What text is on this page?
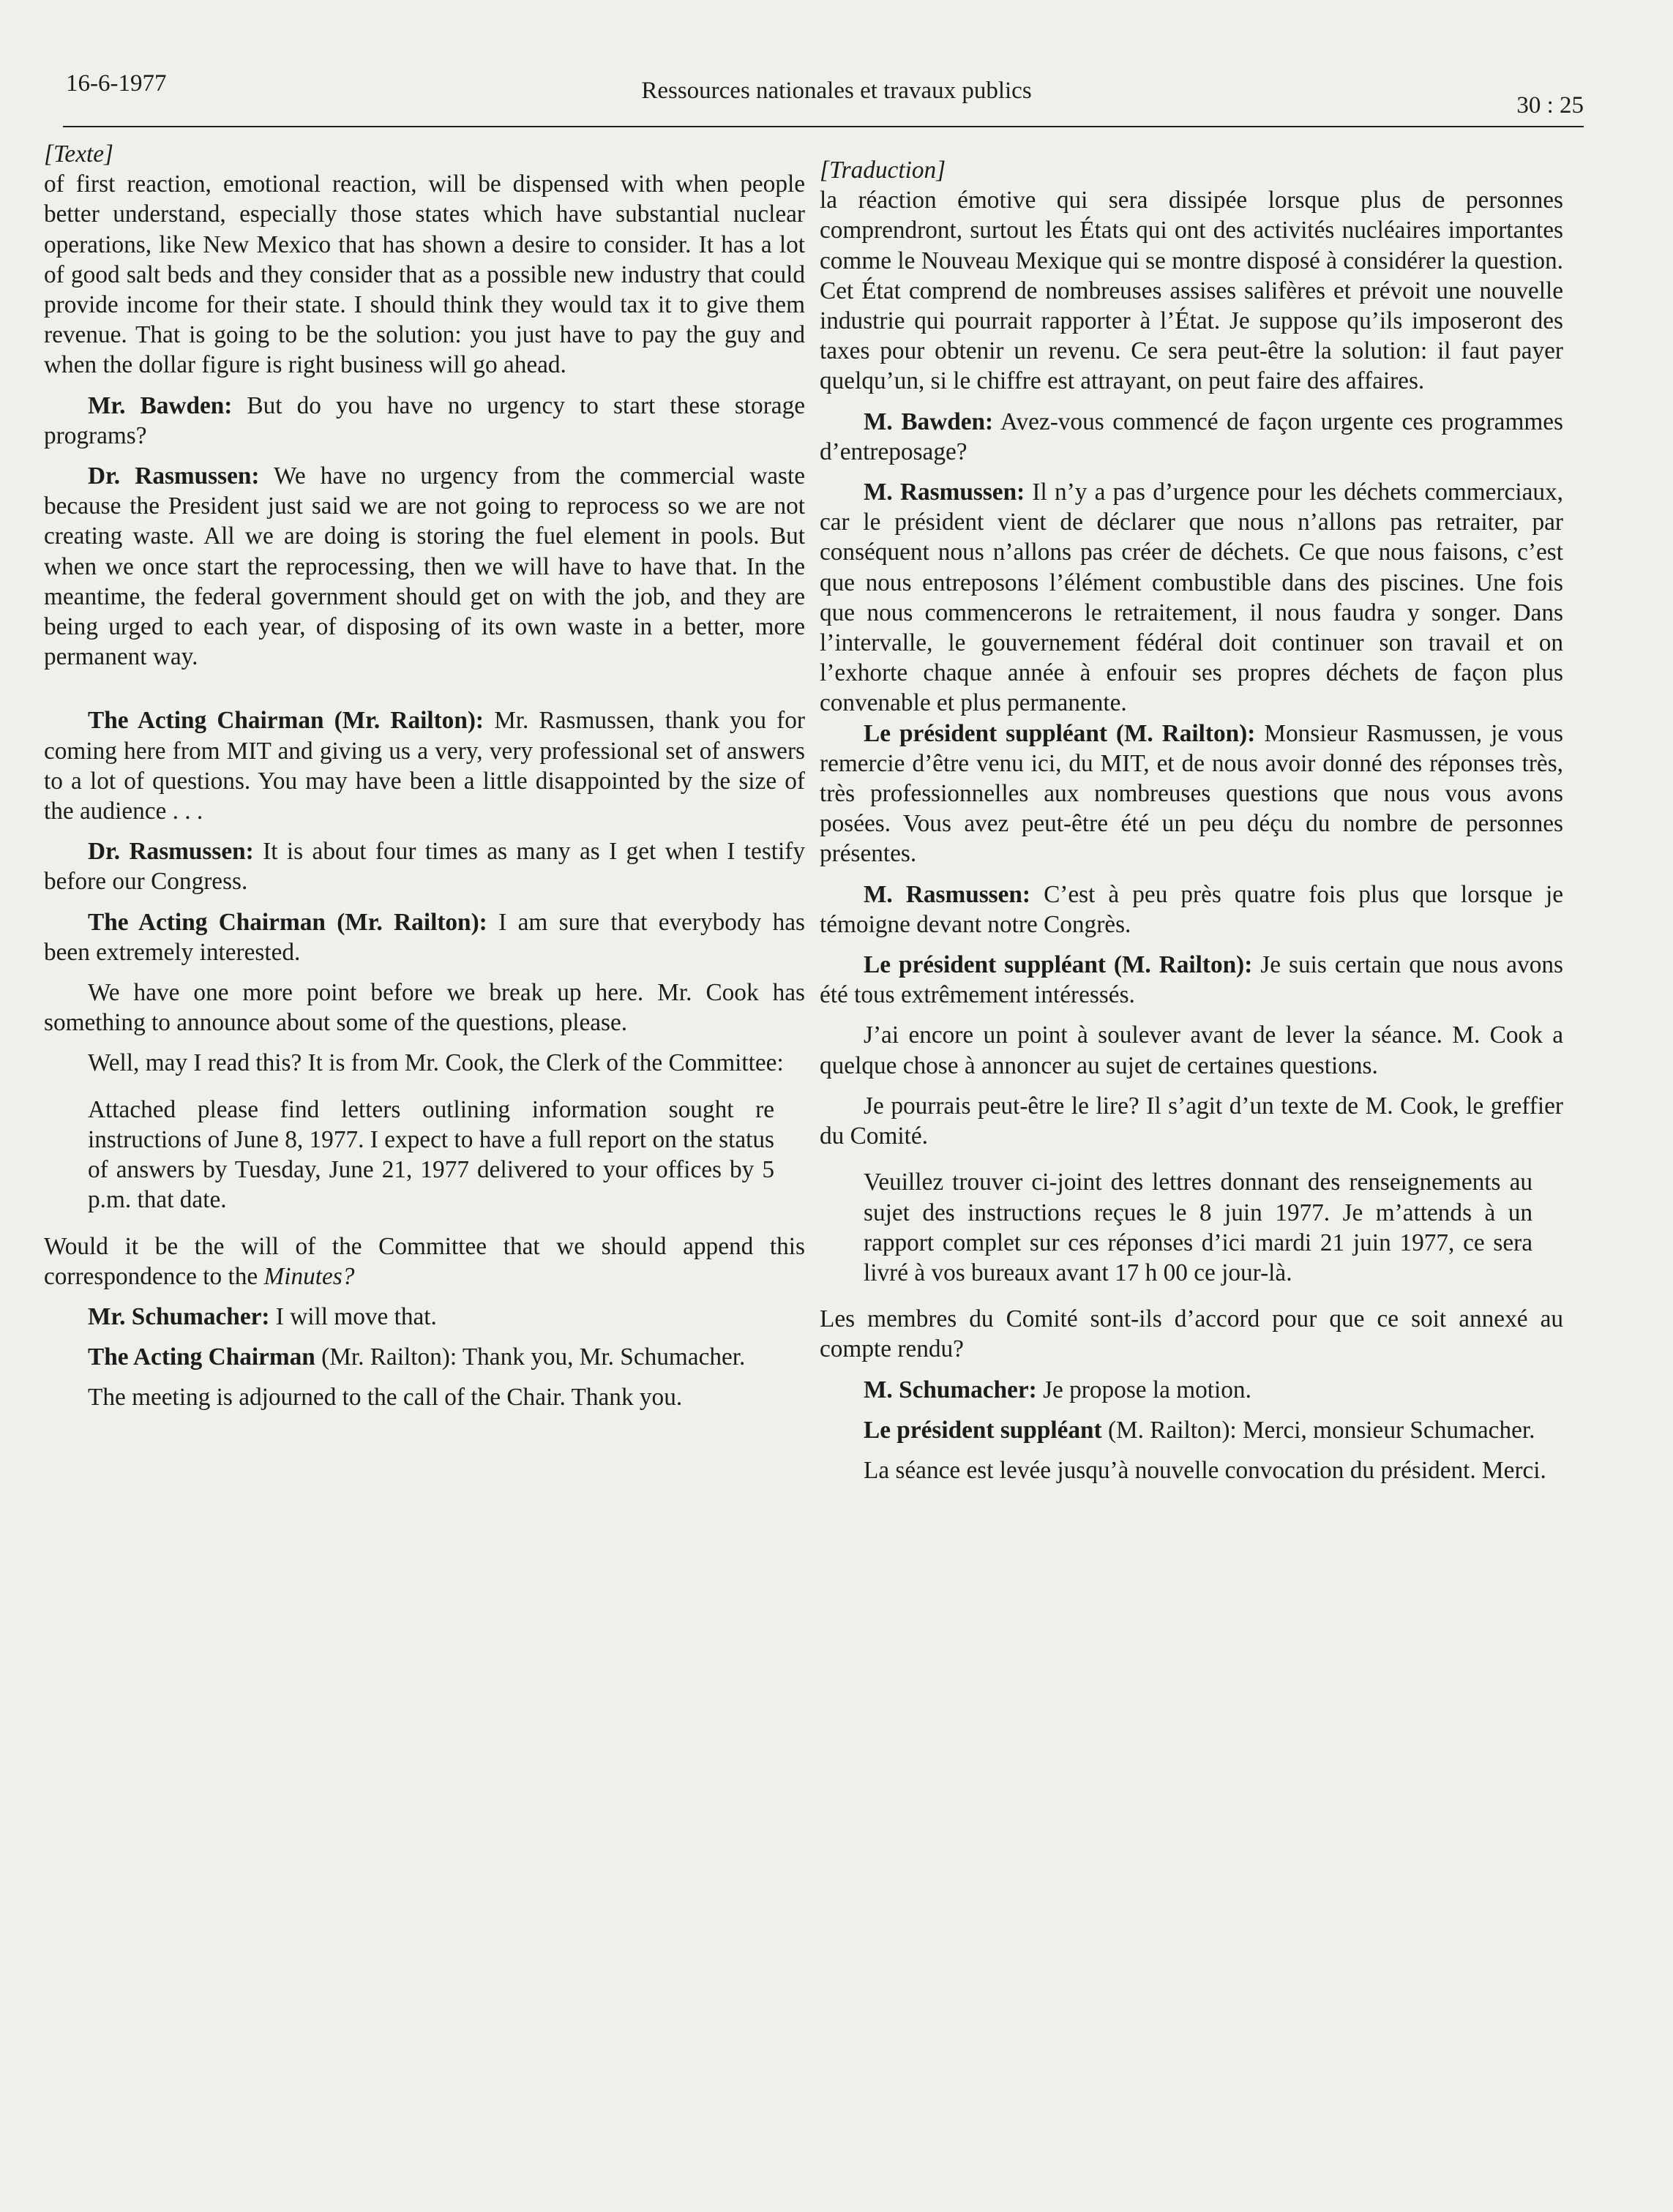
16-6-1977	Ressources nationales et travaux publics
30 : 25

[Texte]

of first reaction, emotional reaction, will be dispensed with when people better understand, especially those states which have substantial nuclear operations, like New Mexico that has shown a desire to consider. It has a lot of good salt beds and they consider that as a possible new industry that could provide income for their state. I should think they would tax it to give them revenue. That is going to be the solution: you just have to pay the guy and when the dollar figure is right business will go ahead.

Mr. Bawden: But do you have no urgency to start these storage programs?

Dr. Rasmussen: We have no urgency from the commercial waste because the President just said we are not going to reprocess so we are not creating waste. All we are doing is storing the fuel element in pools. But when we once start the reprocessing, then we will have to have that. In the meantime, the federal government should get on with the job, and they are being urged to each year, of disposing of its own waste in a better, more permanent way.

The Acting Chairman (Mr. Railton): Mr. Rasmussen, thank you for coming here from MIT and giving us a very, very professional set of answers to a lot of questions. You may have been a little disappointed by the size of the audience . . .

Dr. Rasmussen: It is about four times as many as I get when I testify before our Congress.

The Acting Chairman (Mr. Railton): I am sure that everybody has been extremely interested.

We have one more point before we break up here. Mr. Cook has something to announce about some of the questions, please.

Well, may I read this? It is from Mr. Cook, the Clerk of the Committee:

Attached please find letters outlining information sought re instructions of June 8, 1977. I expect to have a full report on the status of answers by Tuesday, June 21, 1977 delivered to your offices by 5 p.m. that date.

Would it be the will of the Committee that we should append this correspondence to the Minutes?

Mr. Schumacher: I will move that.

The Acting Chairman (Mr. Railton): Thank you, Mr. Schumacher.

The meeting is adjourned to the call of the Chair. Thank you.

[Traduction]

la réaction émotive qui sera dissipée lorsque plus de personnes comprendront, surtout les États qui ont des activités nucléaires importantes comme le Nouveau Mexique qui se montre disposé à considérer la question. Cet État comprend de nombreuses assises salifères et prévoit une nouvelle industrie qui pourrait rapporter à l’État. Je suppose qu’ils imposeront des taxes pour obtenir un revenu. Ce sera peut-être la solution: il faut payer quelqu’un, si le chiffre est attrayant, on peut faire des affaires.

M. Bawden: Avez-vous commencé de façon urgente ces programmes d’entreposage?

M. Rasmussen: Il n’y a pas d’urgence pour les déchets commerciaux, car le président vient de déclarer que nous n’allons pas retraiter, par conséquent nous n’allons pas créer de déchets. Ce que nous faisons, c’est que nous entreposons l’élément combustible dans des piscines. Une fois que nous commencerons le retraitement, il nous faudra y songer. Dans l’intervalle, le gouvernement fédéral doit continuer son travail et on l’exhorte chaque année à enfouir ses propres déchets de façon plus convenable et plus permanente.

Le président suppléant (M. Railton): Monsieur Rasmussen, je vous remercie d’être venu ici, du MIT, et de nous avoir donné des réponses très, très professionnelles aux nombreuses questions que nous vous avons posées. Vous avez peut-être été un peu déçu du nombre de personnes présentes.

M. Rasmussen: C’est à peu près quatre fois plus que lorsque je témoigne devant notre Congrès.

Le président suppléant (M. Railton): Je suis certain que nous avons été tous extrêmement intéressés.

J’ai encore un point à soulever avant de lever la séance. M. Cook a quelque chose à annoncer au sujet de certaines questions.

Je pourrais peut-être le lire? Il s’agit d’un texte de M. Cook, le greffier du Comité.

Veuillez trouver ci-joint des lettres donnant des renseignements au sujet des instructions reçues le 8 juin 1977. Je m’attends à un rapport complet sur ces réponses d’ici mardi 21 juin 1977, ce sera livré à vos bureaux avant 17 h 00 ce jour-là.

Les membres du Comité sont-ils d’accord pour que ce soit annexé au compte rendu?

M. Schumacher: Je propose la motion.

Le président suppléant (M. Railton): Merci, monsieur Schumacher.

La séance est levée jusqu’à nouvelle convocation du président. Merci.
